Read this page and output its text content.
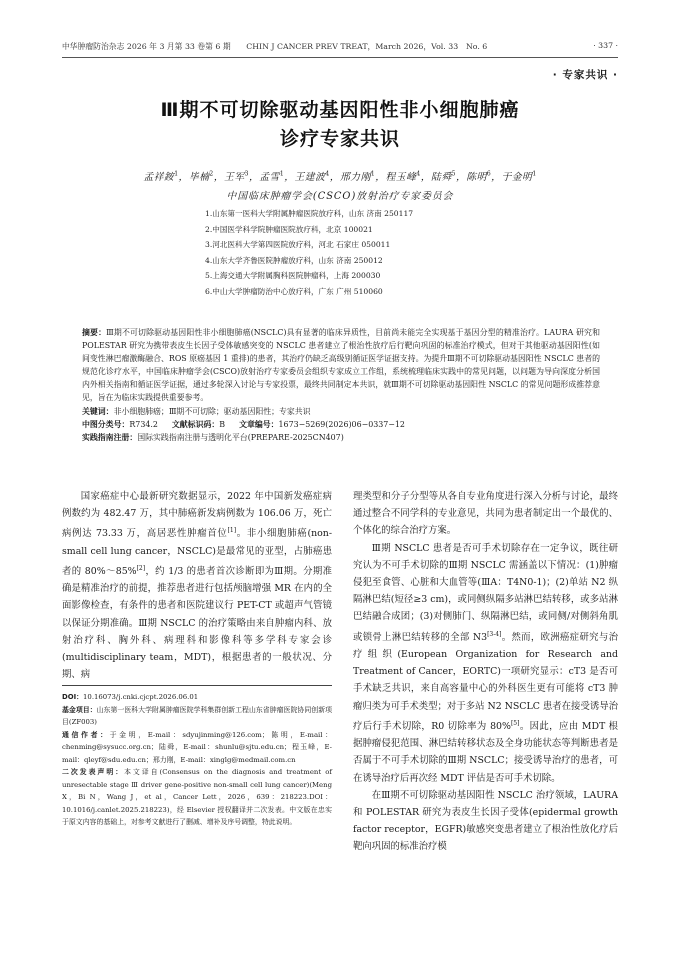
中华肿瘤防治杂志 2026 年 3 月第 33 卷第 6 期　　CHIN J CANCER PREV TREAT，March 2026，Vol. 33　No. 6	· 337 ·
· 专家共识 ·
Ⅲ期不可切除驱动基因阳性非小细胞肺癌
诊疗专家共识
孟祥銨$^1$，毕楠$^2$，王军$^3$，孟雪$^1$，王建波$^4$，邢力刚$^1$，程玉峰$^4$，陆舜$^5$，陈明$^6$，于金明$^1$
中国临床肿瘤学会(CSCO)放射治疗专家委员会
1.山东第一医科大学附属肿瘤医院放疗科，山东 济南 250117
2.中国医学科学院肿瘤医院放疗科，北京 100021
3.河北医科大学第四医院放疗科，河北 石家庄 050011
4.山东大学齐鲁医院肿瘤放疗科，山东 济南 250012
5.上海交通大学附属胸科医院肿瘤科，上海 200030
6.中山大学肿瘤防治中心放疗科，广东 广州 510060

摘要：Ⅲ期不可切除驱动基因阳性非小细胞肺癌(NSCLC)具有显著的临床异质性，目前尚未能完全实现基于基因分型的精准治疗。LAURA 研究和 POLESTAR 研究为携带表皮生长因子受体敏感突变的 NSCLC 患者建立了根治性放疗后行靶向巩固的标准治疗模式，但对于其他驱动基因阳性(如间变性淋巴瘤激酶融合、ROS 原癌基因 1 重排)的患者，其治疗仍缺乏高级别循证医学证据支持。为提升Ⅲ期不可切除驱动基因阳性 NSCLC 患者的规范化诊疗水平，中国临床肿瘤学会(CSCO)放射治疗专家委员会组织专家成立工作组，系统梳理临床实践中的常见问题，以问题为导向深度分析国内外相关指南和循证医学证据，通过多轮深入讨论与专家投票，最终共同制定本共识，就Ⅲ期不可切除驱动基因阳性 NSCLC 的常见问题形成推荐意见，旨在为临床实践提供重要参考。

关键词：非小细胞肺癌；Ⅲ期不可切除；驱动基因阳性；专家共识

中图分类号：R734.2 文献标识码：B 文章编号：1673−5269(2026)06−0337−12

实践指南注册：国际实践指南注册与透明化平台(PREPARE-2025CN407)

国家癌症中心最新研究数据显示，2022 年中国新发癌症病例数约为 482.47 万，其中肺癌新发病例数为 106.06 万，死亡病例达 73.33 万，高居恶性肿瘤首位[1]。非小细胞肺癌(non-small cell lung cancer，NSCLC)是最常见的亚型，占肺癌患者的 80%～85%[2]，约 1/3 的患者首次诊断即为Ⅲ期。分期准确是精准治疗的前提，推荐患者进行包括颅脑增强 MR 在内的全面影像检查，有条件的患者和医院建议行 PET-CT 或超声气管镜以保证分期准确。Ⅲ期 NSCLC 的治疗策略由来自肿瘤内科、放射治疗科、胸外科、病理科和影像科等多学科专家会诊(multidisciplinary team，MDT)，根据患者的一般状况、分期、病

DOI：10.16073/j.cnki.cjcpt.2026.06.01

基金项目：山东第一医科大学附属肿瘤医院学科集群创新工程山东省肿瘤医院协同创新项目(ZF003)

通信作者：于金明，E-mail：sdyujinming@126.com；陈明，E-mail：chenming@sysucc.org.cn；陆舜，E-mail：shunlu@sjtu.edu.cn；程玉峰，E-mail：qleyf@sdu.edu.cn；邢力刚，E-mail：xinglg@medmail.com.cn

二次发表声明：本文译自(Consensus on the diagnosis and treatment of unresectable stage Ⅲ driver gene-positive non-small cell lung cancer)(Meng X，Bi N，Wang J，et al，Cancer Lett，2026，639：218223.DOI：10.1016/j.canlet.2025.218223)，经 Elsevier 授权翻译并二次发表。中文版在忠实于原文内容的基础上，对参考文献进行了删减、增补及序号调整，特此说明。

理类型和分子分型等从各自专业角度进行深入分析与讨论，最终通过整合不同学科的专业意见，共同为患者制定出一个最优的、个体化的综合治疗方案。

Ⅲ期 NSCLC 患者是否可手术切除存在一定争议，既往研究认为不可手术切除的Ⅲ期 NSCLC 需涵盖以下情况：(1)肿瘤侵犯至食管、心脏和大血管等(ⅢA：T4N0-1)；(2)单站 N2 纵隔淋巴结(短径≥3 cm)，或同侧纵隔多站淋巴结转移，或多站淋巴结融合成团；(3)对侧肺门、纵隔淋巴结，或同侧/对侧斜角肌或锁骨上淋巴结转移的全部 N3[3-4]。然而，欧洲癌症研究与治疗组织(European Organization for Research and Treatment of Cancer，EORTC)一项研究显示：cT3 是否可手术缺乏共识，来自高容量中心的外科医生更有可能将 cT3 肿瘤归类为可手术类型；对于多站 N2 NSCLC 患者在接受诱导治疗后行手术切除，R0 切除率为 80%[5]。因此，应由 MDT 根据肿瘤侵犯范围、淋巴结转移状态及全身功能状态等判断患者是否属于不可手术切除的Ⅲ期 NSCLC；接受诱导治疗的患者，可在诱导治疗后再次经 MDT 评估是否可手术切除。

在Ⅲ期不可切除驱动基因阳性 NSCLC 治疗领域，LAURA 和 POLESTAR 研究为表皮生长因子受体(epidermal growth factor receptor，EGFR)敏感突变患者建立了根治性放化疗后靶向巩固的标准治疗模
